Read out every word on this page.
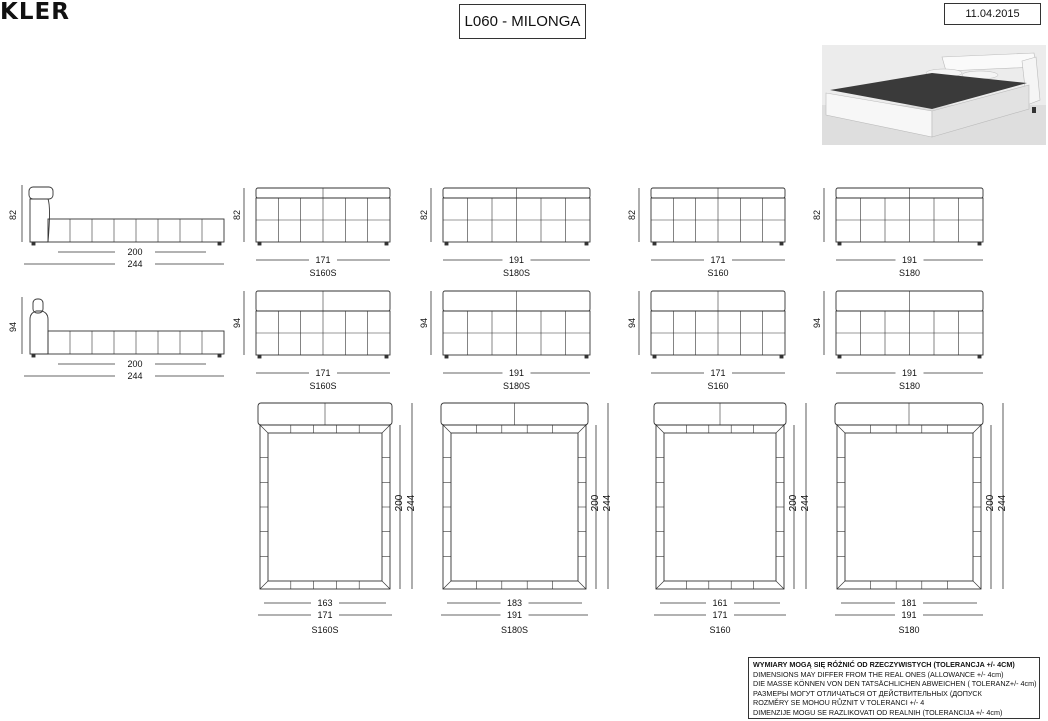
KLER	L060 - MILONGA	11.04.2015
82
200
244
94
200
244
82
171
S160S
82
191
S180S
82
171
S160
82
191
S180
94
171
S160S
94
191
S180S
94
171
S160
94
191
S180
200 244
163
171
S160S
200 244
183
191
S180S
200 244
161
171
S160
200 244
181
191
S180
WYMIARY MOGĄ SIĘ RÓŻNIĆ OD RZECZYWISTYCH (TOLERANCJA +/- 4CM)
DIMENSIONS MAY DIFFER FROM THE REAL ONES (ALLOWANCE +/- 4cm)
DIE MASSE KÖNNEN VON DEN TATSÄCHLICHEN ABWEICHEN ( TOLERANZ+/- 4cm)
РАЗМЕРЫ МОГУТ ОТЛИЧАТЬСЯ ОТ ДЕЙСТВИТЕЛЬНЫХ (ДОПУСК
ROZMĚRY SE MOHOU RŮZNIT V TOLERANCI +/- 4
DIMENZIJE MOGU SE RAZLIKOVATI OD REALNIH (TOLERANCIJA +/- 4cm)
